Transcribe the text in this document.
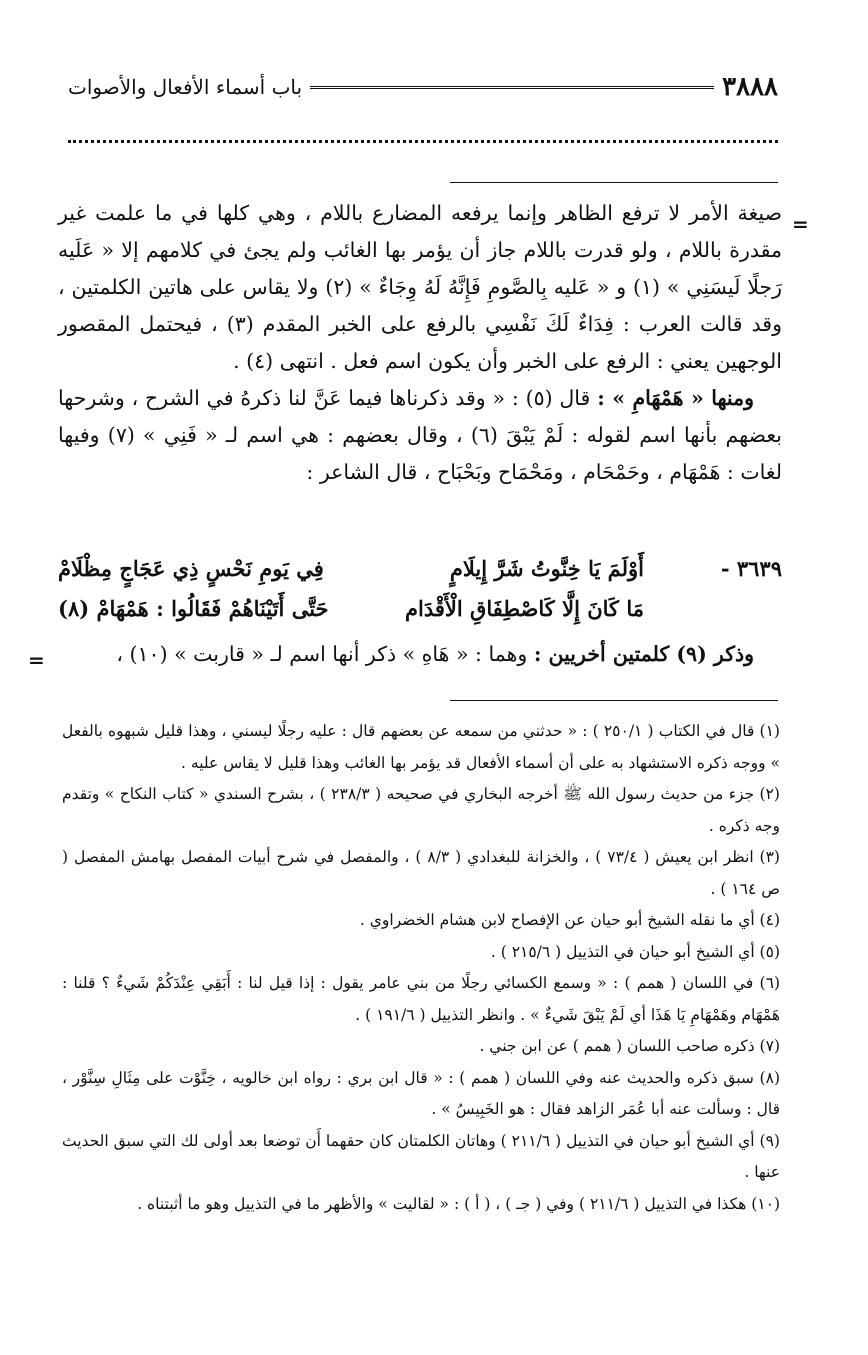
باب أسماء الأفعال والأصوات	٣٨٨٨
=

صيغة الأمر لا ترفع الظاهر وإنما يرفعه المضارع باللام ، وهي كلها في ما علمت غير مقدرة باللام ، ولو قدرت باللام جاز أن يؤمر بها الغائب ولم يجئ في كلامهم إلا « عَلَيه رَجلًا لَيسَنِي » (١) و « عَليه بِالصَّومِ فَإِنَّهُ لَهُ وِجَاءٌ » (٢) ولا يقاس على هاتين الكلمتين ، وقد قالت العرب : فِدَاءٌ لَكَ نَفْسِي بالرفع على الخبر المقدم (٣) ، فيحتمل المقصور الوجهين يعني : الرفع على الخبر وأن يكون اسم فعل . انتهى (٤) .

ومنها « هَمْهَامِ » : قال (٥) : « وقد ذكرناها فيما عَنَّ لنا ذكرهُ في الشرح ، وشرحها بعضهم بأنها اسم لقوله : لَمْ يَبْقَ (٦) ، وقال بعضهم : هي اسم لـ « فَنِي » (٧) وفيها لغات : هَمْهَام ، وحَمْحَام ، ومَحْمَاح وبَحْبَاح ، قال الشاعر :

٣٦٣٩ -
أَوْلَمَ يَا خِنَّوتُ شَرَّ إِيلَامٍ
فِي يَومِ نَحْسٍ ذِي عَجَاجٍ مِظْلَامْ
مَا كَانَ إِلَّا كَاصْطِفَاقِ الْأَقْدَام
حَتَّى أَتَيْنَاهُمْ فَقَالُوا : هَمْهَامْ (٨)

وذكر (٩) كلمتين أخريين : وهما : « هَاهِ » ذكر أنها اسم لـ « قاربت » (١٠) ،

=

(١) قال في الكتاب ( ٢٥٠/١ ) : « حدثني من سمعه عن بعضهم قال : عليه رجلًا ليسني ، وهذا قليل شبهوه بالفعل » ووجه ذكره الاستشهاد به على أن أسماء الأفعال قد يؤمر بها الغائب وهذا قليل لا يقاس عليه .

(٢) جزء من حديث رسول الله ﷺ أخرجه البخاري في صحيحه ( ٢٣٨/٣ ) ، بشرح السندي « كتاب النكاح » وتقدم وجه ذكره .

(٣) انظر ابن يعيش ( ٧٣/٤ ) ، والخزانة للبغدادي ( ٨/٣ ) ، والمفصل في شرح أبيات المفصل بهامش المفصل ( ص ١٦٤ ) .

(٤) أي ما نقله الشيخ أبو حيان عن الإفصاح لابن هشام الخضراوي .

(٥) أي الشيخ أبو حيان في التذييل ( ٢١٥/٦ ) .

(٦) في اللسان ( همم ) : « وسمع الكسائي رجلًا من بني عامر يقول : إذا قيل لنا : أَبَقِي عِنْدَكُمْ شَيءٌ ؟ قلنا : هَمْهَام وهَمْهَامِ يَا هَذَا أي لَمْ يَبْقَ شَيءٌ » . وانظر التذييل ( ١٩١/٦ ) .

(٧) ذكره صاحب اللسان ( همم ) عن ابن جني .

(٨) سبق ذكره والحديث عنه وفي اللسان ( همم ) : « قال ابن بري : رواه ابن خالويه ، خِنَّوْت على مِثَالِ سِنَّوْر ، قال : وسألت عنه أبا عُمَر الزاهد فقال : هو الخَبِيسُ » .

(٩) أي الشيخ أبو حيان في التذييل ( ٢١١/٦ ) وهاتان الكلمتان كان حقهما أَن توضعا بعد أولى لك التي سبق الحديث عنها .

(١٠) هكذا في التذييل ( ٢١١/٦ ) وفي ( جـ ) ، ( أ ) : « لقاليت » والأظهر ما في التذييل وهو ما أثبتناه .
